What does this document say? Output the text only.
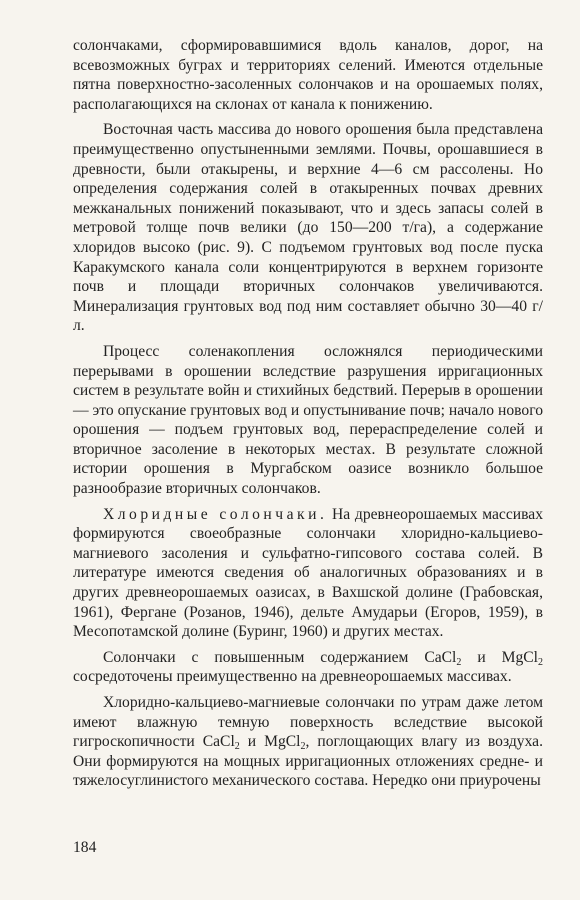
солончаками, сформировавшимися вдоль каналов, дорог, на всевозможных буграх и территориях селений. Имеются отдельные пятна поверхностно-засоленных солончаков и на орошаемых полях, располагающихся на склонах от канала к понижению.

Восточная часть массива до нового орошения была представлена преимущественно опустыненными землями. Почвы, орошавшиеся в древности, были отакырены, и верхние 4—6 см рассолены. Но определения содержания солей в отакыренных почвах древних межканальных понижений показывают, что и здесь запасы солей в метровой толще почв велики (до 150—200 т/га), а содержание хлоридов высоко (рис. 9). С подъемом грунтовых вод после пуска Каракумского канала соли концентрируются в верхнем горизонте почв и площади вторичных солончаков увеличиваются. Минерализация грунтовых вод под ним составляет обычно 30—40 г/л.

Процесс соленакопления осложнялся периодическими перерывами в орошении вследствие разрушения ирригационных систем в результате войн и стихийных бедствий. Перерыв в орошении — это опускание грунтовых вод и опустынивание почв; начало нового орошения — подъем грунтовых вод, перераспределение солей и вторичное засоление в некоторых местах. В результате сложной истории орошения в Мургабском оазисе возникло большое разнообразие вторичных солончаков.

Хлоридные солончаки. На древнеорошаемых массивах формируются своеобразные солончаки хлоридно-кальциево-магниевого засоления и сульфатно-гипсового состава солей. В литературе имеются сведения об аналогичных образованиях и в других древнеорошаемых оазисах, в Вахшской долине (Грабовская, 1961), Фергане (Розанов, 1946), дельте Амударьи (Егоров, 1959), в Месопотамской долине (Буринг, 1960) и других местах.

Солончаки с повышенным содержанием CaCl$_2$ и MgCl$_2$ сосредоточены преимущественно на древнеорошаемых массивах.

Хлоридно-кальциево-магниевые солончаки по утрам даже летом имеют влажную темную поверхность вследствие высокой гигроскопичности CaCl$_2$ и MgCl$_2$, поглощающих влагу из воздуха. Они формируются на мощных ирригационных отложениях средне- и тяжелосуглинистого механического состава. Нередко они приурочены

184
